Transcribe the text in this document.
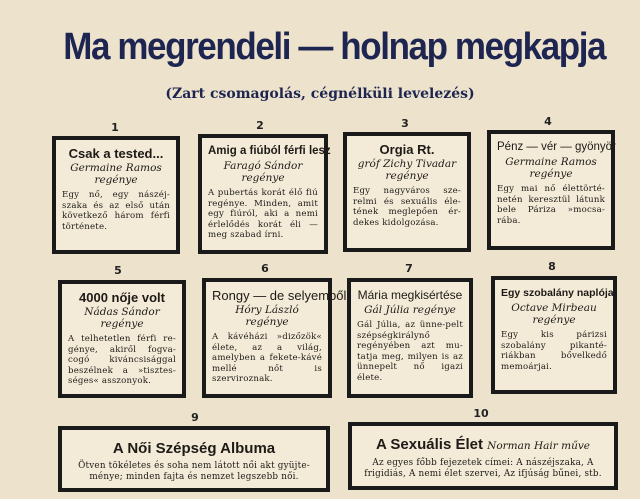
Ma megrendeli — holnap megkapja
(Zart csomagolás, cégnélküli levelezés)
1
Csak a tested...
Germaine Ramos
regénye
Egy nő, egy nászéj-szaka és az első után következő három férfi története.
2
Amig a fiúból férfi lesz
Faragó Sándor
regénye
A pubertás korát élő fiú regénye. Minden, amit egy fiúról, aki a nemi érlelődés korát éli — meg szabad írni.
3
Orgia Rt.
gróf Zichy Tivadar
regénye
Egy nagyváros sze-relmi és sexuális éle-tének meglepően ér-dekes kidolgozása.
4
Pénz — vér — gyönyör
Germaine Ramos
regénye
Egy mai nő élettörté-netén keresztül látunk bele Páriza »mocsa-rába.
5
4000 nője volt
Nádas Sándor
regénye
A telhetetlen férfi re-génye, akiről fogva-cogó kiváncsisággal beszélnek a »tisztes-séges« asszonyok.
6
Rongy — de selyemből
Hóry László
regénye
A kávéházi »dizőzök« élete, az a világ, amelyben a fekete-kávé mellé nőt is szerviroznak.
7
Mária megkisértése
Gál Júlia regénye
Gál Júlia, az ünne-pelt szépségkirálynő regényében azt mu-tatja meg, milyen is az ünnepelt nő igazi élete.
8
Egy szobalány naplója
Octave Mirbeau
regénye
Egy kis párizsi szobalány pikanté-riákban bővelkedő memoárjai.
9
A Női Szépség Albuma
Ötven tökéletes és soha nem látott női akt gyüjte-ménye; minden fajta és nemzet legszebb női.
10
A Sexuális Élet Norman Hair műve
Az egyes főbb fejezetek címei: A nászéjszaka, A frigidiás, A nemi élet szervei, Az ifjúság bűnei, stb.
